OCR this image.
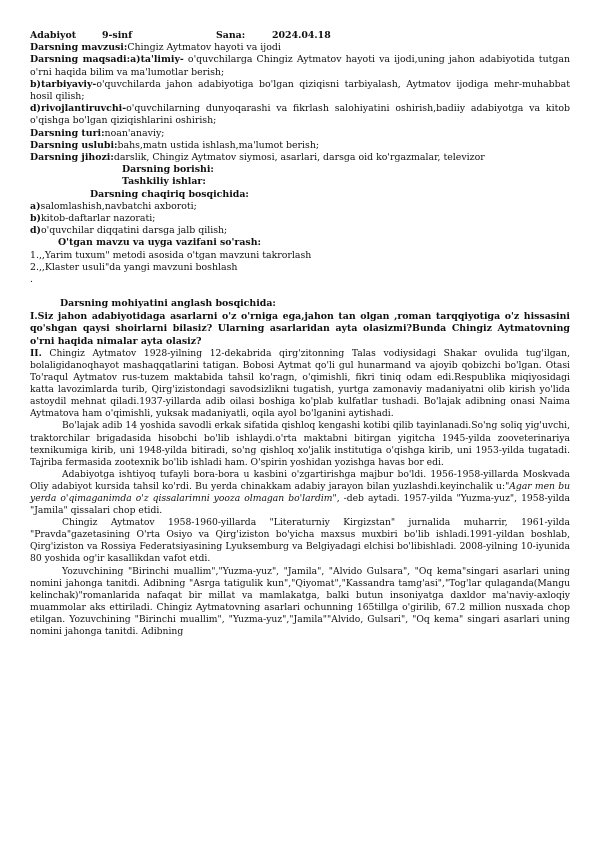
Adabiyot	9-sinf	Sana:	2024.04.18

Darsning mavzusi:Chingiz Aytmatov hayoti va ijodi

Darsning maqsadi:a)ta'limiy- o'quvchilarga Chingiz Aytmatov hayoti va ijodi,uning jahon adabiyotida tutgan o'rni haqida bilim va ma'lumotlar berish;

b)tarbiyaviy-o'quvchilarda jahon adabiyotiga bo'lgan qiziqisni tarbiyalash, Aytmatov ijodiga mehr-muhabbat hosil qilish;

d)rivojlantiruvchi-o'quvchilarning dunyoqarashi va fikrlash salohiyatini oshirish,badiiy adabiyotga va kitob o'qishga bo'lgan qiziqishlarini oshirish;

Darsning turi:noan'anaviy;

Darsning uslubi:bahs,matn ustida ishlash,ma'lumot berish;

Darsning jihozi:darslik, Chingiz Aytmatov siymosi, asarlari, darsga oid ko'rgazmalar, televizor

Darsning borishi:

Tashkiliy ishlar:

Darsning chaqiriq bosqichida:

a)salomlashish,navbatchi axboroti;

b)kitob-daftarlar nazorati;

d)o'quvchilar diqqatini darsga jalb qilish;

O'tgan mavzu va uyga vazifani so'rash:

1.,,Yarim tuxum" metodi asosida o'tgan mavzuni takrorlash

2.,,Klaster usuli"da yangi mavzuni boshlash

.

Darsning mohiyatini anglash bosqichida:

I.Siz jahon adabiyotidaga asarlarni o'z o'rniga ega,jahon tan olgan ,roman tarqqiyotiga o'z hissasini qo'shgan qaysi shoirlarni bilasiz? Ularning asarlaridan ayta olasizmi?Bunda Chingiz Aytmatovning o'rni haqida nimalar ayta olasiz?

II. Chingiz Aytmatov 1928-yilning 12-dekabrida qirg'zitonning Talas vodiysidagi Shakar ovulida tug'ilgan, bolaligidanoqhayot mashaqqatlarini tatigan. Bobosi Aytmat qo'li gul hunarmand va ajoyib qobizchi bo'lgan. Otasi To'raqul Aytmatov rus-tuzem maktabida tahsil ko'ragn, o'qimishli, fikri tiniq odam edi.Respublika miqiyosidagi katta lavozimlarda turib, Qirg'izistondagi savodsizlikni tugatish, yurtga zamonaviy madaniyatni olib kirish yo'lida astoydil mehnat qiladi.1937-yillarda adib oilasi boshiga ko'plab kulfatlar tushadi. Bo'lajak adibning onasi Naima Aytmatova ham o'qimishli, yuksak madaniyatli, oqila ayol bo'lganini aytishadi.

Bo'lajak adib 14 yoshida savodli erkak sifatida qishloq kengashi kotibi qilib tayinlanadi.So'ng soliq yig'uvchi, traktorchilar brigadasida hisobchi bo'lib ishlaydi.o'rta maktabni bitirgan yigitcha 1945-yilda zooveterinariya texnikumiga kirib, uni 1948-yilda bitiradi, so'ng qishloq xo'jalik institutiga o'qishga kirib, uni 1953-yilda tugatadi. Tajriba fermasida zootexnik bo'lib ishladi ham. O'spirin yoshidan yozishga havas bor edi.

Adabiyotga ishtiyoq tufayli bora-bora u kasbini o'zgartirishga majbur bo'ldi. 1956-1958-yillarda Moskvada Oliy adabiyot kursida tahsil ko'rdi. Bu yerda chinakkam adabiy jarayon bilan yuzlashdi.keyinchalik u:"Agar men bu yerda o'qimaganimda o'z qissalarimni yooza olmagan bo'lardim", -deb aytadi. 1957-yilda "Yuzma-yuz", 1958-yilda "Jamila" qissalari chop etidi.

Chingiz Aytmatov 1958-1960-yillarda "Literaturniy Kirgizstan" jurnalida muharrir, 1961-yilda "Pravda"gazetasining O'rta Osiyo va Qirg'iziston bo'yicha maxsus muxbiri bo'lib ishladi.1991-yildan boshlab, Qirg'iziston va Rossiya Federatsiyasining Lyuksemburg va Belgiyadagi elchisi bo'libishladi. 2008-yilning 10-iyunida 80 yoshida og'ir kasallikdan vafot etdi.

Yozuvchining "Birinchi muallim","Yuzma-yuz", "Jamila", "Alvido Gulsara", "Oq kema"singari asarlari uning nomini jahonga tanitdi. Adibning "Asrga tatigulik kun","Qiyomat","Kassandra tamg'asi","Tog'lar qulaganda(Mangu kelinchak)"romanlarida nafaqat bir millat va mamlakatga, balki butun insoniyatga daxldor ma'naviy-axloqiy muammolar aks ettiriladi. Chingiz Aytmatovning asarlari ochunning 165tillga o'girilib, 67.2 million nusxada chop etilgan. Yozuvchining "Birinchi muallim", "Yuzma-yuz","Jamila""Alvido, Gulsari", "Oq kema" singari asarlari uning nomini jahonga tanitdi. Adibning
